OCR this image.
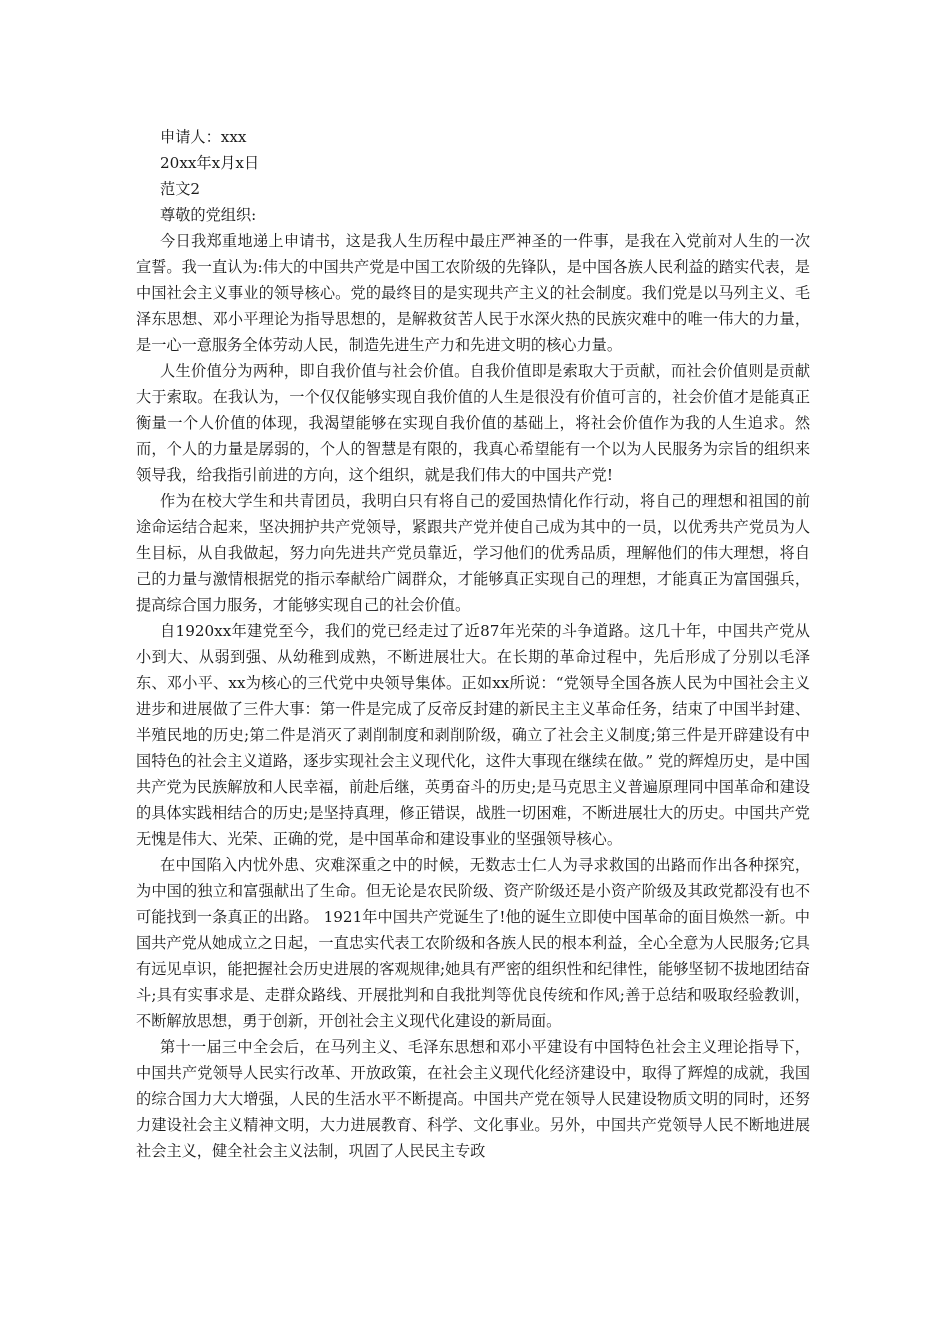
申请人：xxx

20xx年x月x日

范文2

尊敬的党组织:

今日我郑重地递上申请书，这是我人生历程中最庄严神圣的一件事，是我在入党前对人生的一次宣誓。我一直认为:伟大的中国共产党是中国工农阶级的先锋队，是中国各族人民利益的踏实代表，是中国社会主义事业的领导核心。党的最终目的是实现共产主义的社会制度。我们党是以马列主义、毛泽东思想、邓小平理论为指导思想的，是解救贫苦人民于水深火热的民族灾难中的唯一伟大的力量，是一心一意服务全体劳动人民，制造先进生产力和先进文明的核心力量。

人生价值分为两种，即自我价值与社会价值。自我价值即是索取大于贡献，而社会价值则是贡献大于索取。在我认为，一个仅仅能够实现自我价值的人生是很没有价值可言的，社会价值才是能真正衡量一个人价值的体现，我渴望能够在实现自我价值的基础上，将社会价值作为我的人生追求。然而，个人的力量是孱弱的，个人的智慧是有限的，我真心希望能有一个以为人民服务为宗旨的组织来领导我，给我指引前进的方向，这个组织，就是我们伟大的中国共产党!

作为在校大学生和共青团员，我明白只有将自己的爱国热情化作行动，将自己的理想和祖国的前途命运结合起来，坚决拥护共产党领导，紧跟共产党并使自己成为其中的一员，以优秀共产党员为人生目标，从自我做起，努力向先进共产党员靠近，学习他们的优秀品质，理解他们的伟大理想，将自己的力量与激情根据党的指示奉献给广阔群众，才能够真正实现自己的理想，才能真正为富国强兵，提高综合国力服务，才能够实现自己的社会价值。

自1920xx年建党至今，我们的党已经走过了近87年光荣的斗争道路。这几十年，中国共产党从小到大、从弱到强、从幼稚到成熟，不断进展壮大。在长期的革命过程中，先后形成了分别以毛泽东、邓小平、xx为核心的三代党中央领导集体。正如xx所说：“党领导全国各族人民为中国社会主义进步和进展做了三件大事：第一件是完成了反帝反封建的新民主主义革命任务，结束了中国半封建、半殖民地的历史;第二件是消灭了剥削制度和剥削阶级，确立了社会主义制度;第三件是开辟建设有中国特色的社会主义道路，逐步实现社会主义现代化，这件大事现在继续在做。” 党的辉煌历史，是中国共产党为民族解放和人民幸福，前赴后继，英勇奋斗的历史;是马克思主义普遍原理同中国革命和建设的具体实践相结合的历史;是坚持真理，修正错误，战胜一切困难，不断进展壮大的历史。中国共产党无愧是伟大、光荣、正确的党，是中国革命和建设事业的坚强领导核心。

在中国陷入内忧外患、灾难深重之中的时候，无数志士仁人为寻求救国的出路而作出各种探究，为中国的独立和富强献出了生命。但无论是农民阶级、资产阶级还是小资产阶级及其政党都没有也不可能找到一条真正的出路。 1921年中国共产党诞生了!他的诞生立即使中国革命的面目焕然一新。中国共产党从她成立之日起，一直忠实代表工农阶级和各族人民的根本利益，全心全意为人民服务;它具有远见卓识，能把握社会历史进展的客观规律;她具有严密的组织性和纪律性，能够坚韧不拔地团结奋斗;具有实事求是、走群众路线、开展批判和自我批判等优良传统和作风;善于总结和吸取经验教训，不断解放思想，勇于创新，开创社会主义现代化建设的新局面。

第十一届三中全会后，在马列主义、毛泽东思想和邓小平建设有中国特色社会主义理论指导下，中国共产党领导人民实行改革、开放政策，在社会主义现代化经济建设中，取得了辉煌的成就，我国的综合国力大大增强，人民的生活水平不断提高。中国共产党在领导人民建设物质文明的同时，还努力建设社会主义精神文明，大力进展教育、科学、文化事业。另外，中国共产党领导人民不断地进展社会主义，健全社会主义法制，巩固了人民民主专政
